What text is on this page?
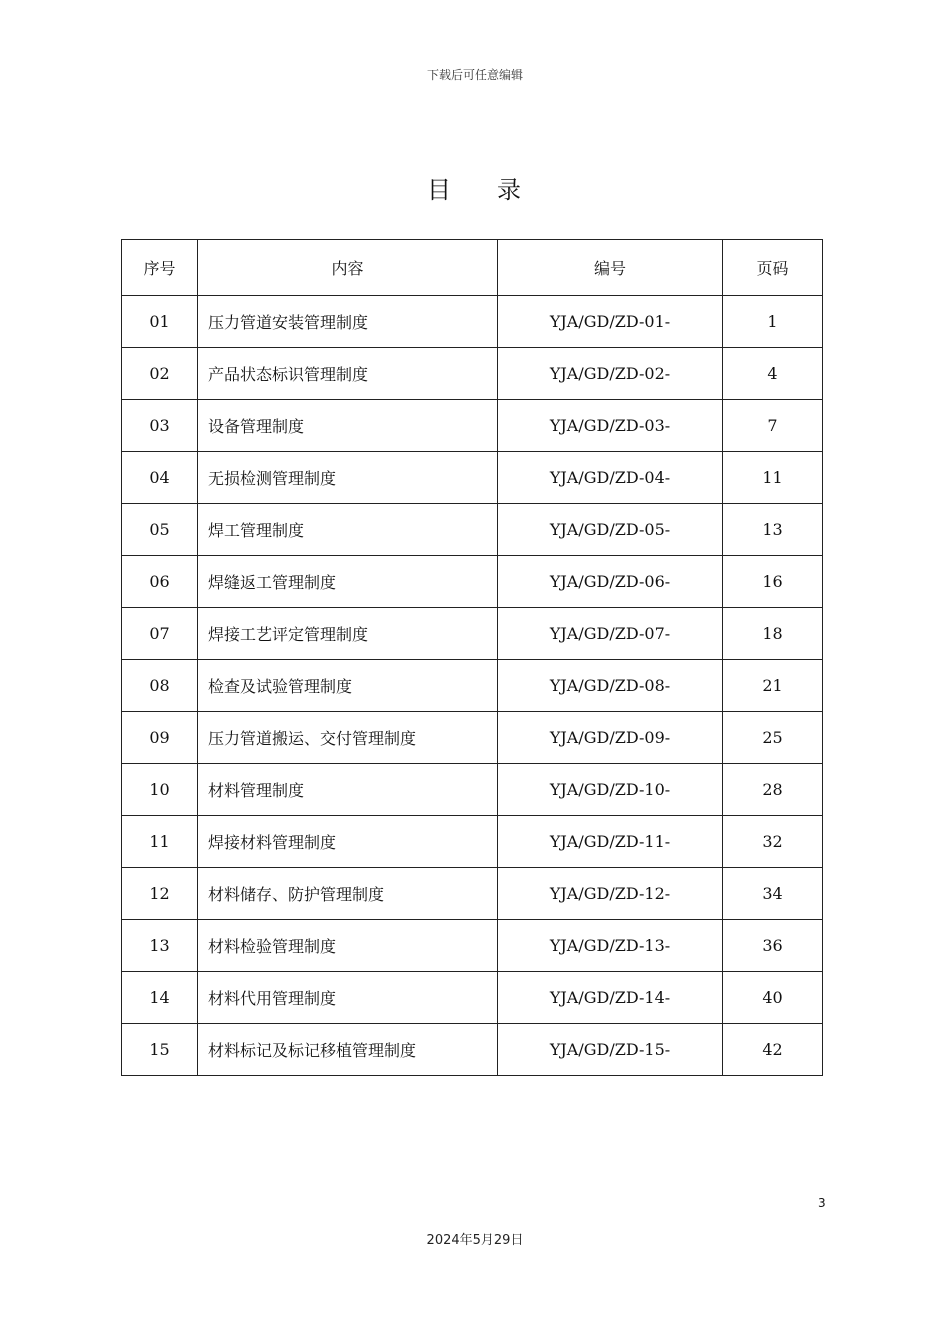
下载后可任意编辑
目 录
序号	内容	编号	页码
01	压力管道安装管理制度	YJA/GD/ZD-01-	1
02	产品状态标识管理制度	YJA/GD/ZD-02-	4
03	设备管理制度	YJA/GD/ZD-03-	7
04	无损检测管理制度	YJA/GD/ZD-04-	11
05	焊工管理制度	YJA/GD/ZD-05-	13
06	焊缝返工管理制度	YJA/GD/ZD-06-	16
07	焊接工艺评定管理制度	YJA/GD/ZD-07-	18
08	检查及试验管理制度	YJA/GD/ZD-08-	21
09	压力管道搬运、交付管理制度	YJA/GD/ZD-09-	25
10	材料管理制度	YJA/GD/ZD-10-	28
11	焊接材料管理制度	YJA/GD/ZD-11-	32
12	材料储存、防护管理制度	YJA/GD/ZD-12-	34
13	材料检验管理制度	YJA/GD/ZD-13-	36
14	材料代用管理制度	YJA/GD/ZD-14-	40
15	材料标记及标记移植管理制度	YJA/GD/ZD-15-	42
3
2024年5月29日
